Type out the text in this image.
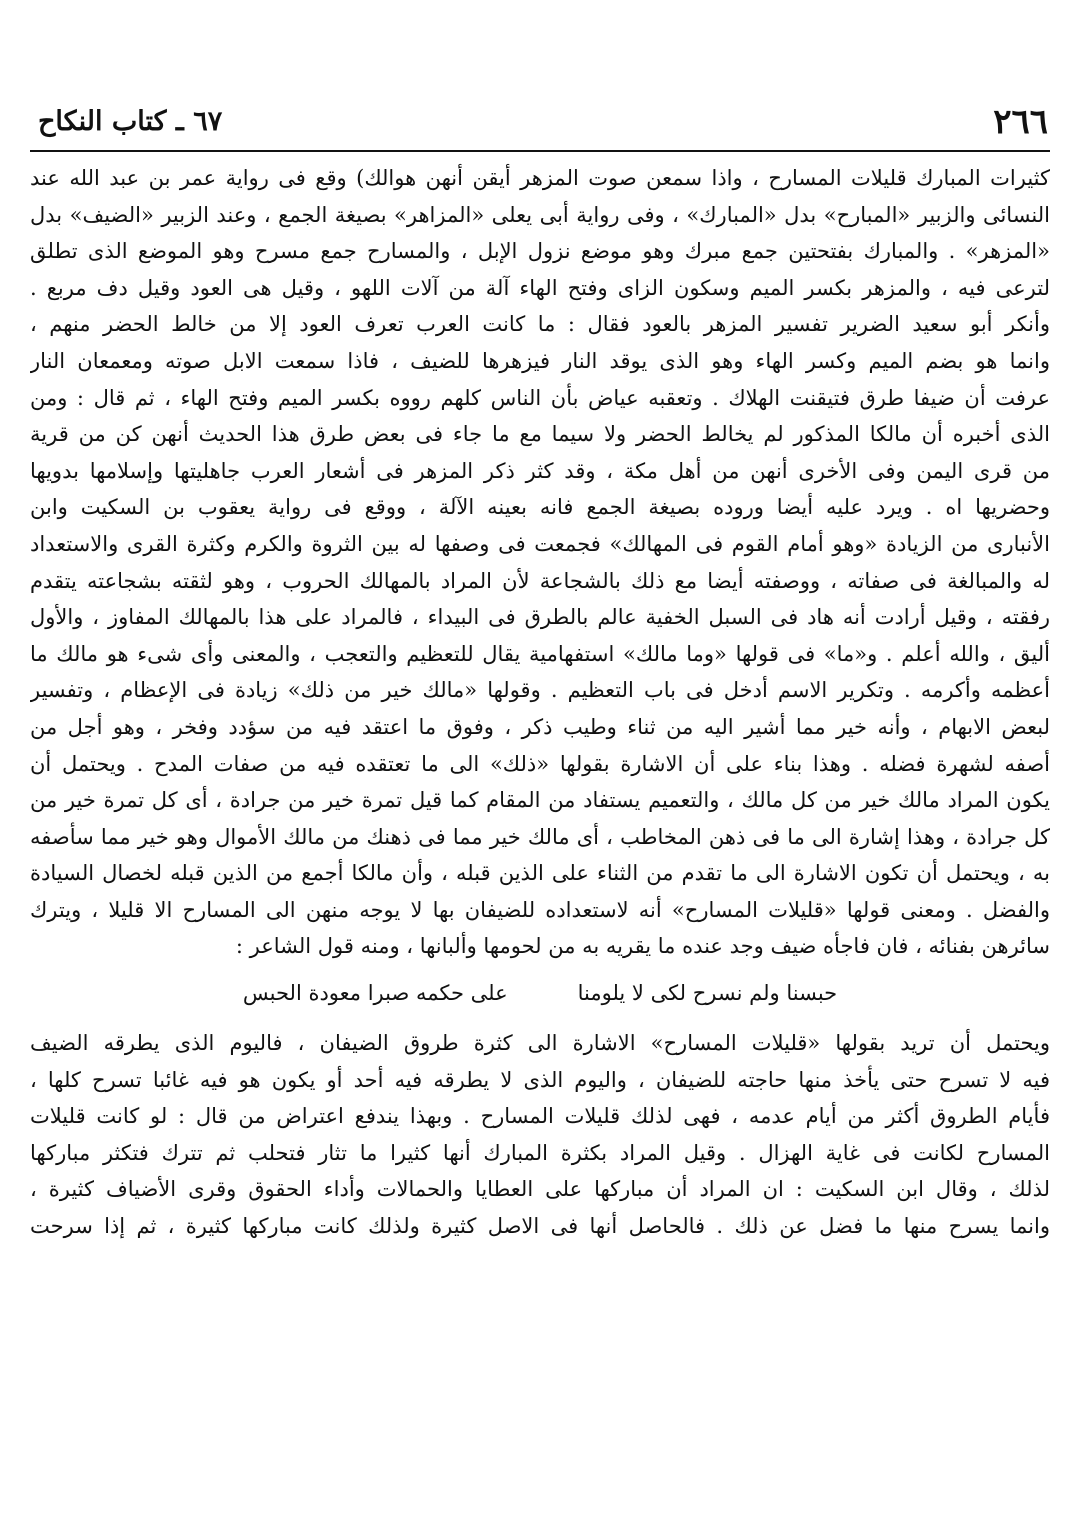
٢٦٦
٦٧ ـ كتاب النكاح

كثيرات المبارك قليلات المسارح ، واذا سمعن صوت المزهر أيقن أنهن هوالك) وقع فى رواية عمر بن عبد الله عند
النسائى والزبير «المبارح» بدل «المبارك» ، وفى رواية أبى يعلى «المزاهر» بصيغة الجمع ، وعند الزبير «الضيف» بدل
«المزهر» . والمبارك بفتحتين جمع مبرك وهو موضع نزول الإبل ، والمسارح جمع مسرح وهو الموضع الذى تطلق
لترعى فيه ، والمزهر بكسر الميم وسكون الزاى وفتح الهاء آلة من آلات اللهو ، وقيل هى العود وقيل دف مربع .
وأنكر أبو سعيد الضرير تفسير المزهر بالعود فقال : ما كانت العرب تعرف العود إلا من خالط الحضر منهم ،
وانما هو بضم الميم وكسر الهاء وهو الذى يوقد النار فيزهرها للضيف ، فاذا سمعت الابل صوته ومعمعان النار
عرفت أن ضيفا طرق فتيقنت الهلاك . وتعقبه عياض بأن الناس كلهم رووه بكسر الميم وفتح الهاء ، ثم قال : ومن
الذى أخبره أن مالكا المذكور لم يخالط الحضر ولا سيما مع ما جاء فى بعض طرق هذا الحديث أنهن كن من قرية
من قرى اليمن وفى الأخرى أنهن من أهل مكة ، وقد كثر ذكر المزهر فى أشعار العرب جاهليتها وإسلامها بدويها
وحضريها اه . ويرد عليه أيضا وروده بصيغة الجمع فانه بعينه الآلة ، ووقع فى رواية يعقوب بن السكيت وابن
الأنبارى من الزيادة «وهو أمام القوم فى المهالك» فجمعت فى وصفها له بين الثروة والكرم وكثرة القرى والاستعداد
له والمبالغة فى صفاته ، ووصفته أيضا مع ذلك بالشجاعة لأن المراد بالمهالك الحروب ، وهو لثقته بشجاعته يتقدم
رفقته ، وقيل أرادت أنه هاد فى السبل الخفية عالم بالطرق فى البيداء ، فالمراد على هذا بالمهالك المفاوز ، والأول
أليق ، والله أعلم . و«ما» فى قولها «وما مالك» استفهامية يقال للتعظيم والتعجب ، والمعنى وأى شىء هو مالك ما
أعظمه وأكرمه . وتكرير الاسم أدخل فى باب التعظيم . وقولها «مالك خير من ذلك» زيادة فى الإعظام ، وتفسير
لبعض الابهام ، وأنه خير مما أشير اليه من ثناء وطيب ذكر ، وفوق ما اعتقد فيه من سؤدد وفخر ، وهو أجل من
أصفه لشهرة فضله . وهذا بناء على أن الاشارة بقولها «ذلك» الى ما تعتقده فيه من صفات المدح . ويحتمل أن
يكون المراد مالك خير من كل مالك ، والتعميم يستفاد من المقام كما قيل تمرة خير من جرادة ، أى كل تمرة خير من
كل جرادة ، وهذا إشارة الى ما فى ذهن المخاطب ، أى مالك خير مما فى ذهنك من مالك الأموال وهو خير مما سأصفه
به ، ويحتمل أن تكون الاشارة الى ما تقدم من الثناء على الذين قبله ، وأن مالكا أجمع من الذين قبله لخصال السيادة
والفضل . ومعنى قولها «قليلات المسارح» أنه لاستعداده للضيفان بها لا يوجه منهن الى المسارح الا قليلا ، ويترك
سائرهن بفنائه ، فان فاجأه ضيف وجد عنده ما يقريه به من لحومها وألبانها ، ومنه قول الشاعر :

حبسنا ولم نسرح لكى لا يلومنا
على حكمه صبرا معودة الحبس

ويحتمل أن تريد بقولها «قليلات المسارح» الاشارة الى كثرة طروق الضيفان ، فاليوم الذى يطرقه الضيف
فيه لا تسرح حتى يأخذ منها حاجته للضيفان ، واليوم الذى لا يطرقه فيه أحد أو يكون هو فيه غائبا تسرح كلها ،
فأيام الطروق أكثر من أيام عدمه ، فهى لذلك قليلات المسارح . وبهذا يندفع اعتراض من قال : لو كانت قليلات
المسارح لكانت فى غاية الهزال . وقيل المراد بكثرة المبارك أنها كثيرا ما تثار فتحلب ثم تترك فتكثر مباركها
لذلك ، وقال ابن السكيت : ان المراد أن مباركها على العطايا والحمالات وأداء الحقوق وقرى الأضياف كثيرة ،
وانما يسرح منها ما فضل عن ذلك . فالحاصل أنها فى الاصل كثيرة ولذلك كانت مباركها كثيرة ، ثم إذا سرحت
